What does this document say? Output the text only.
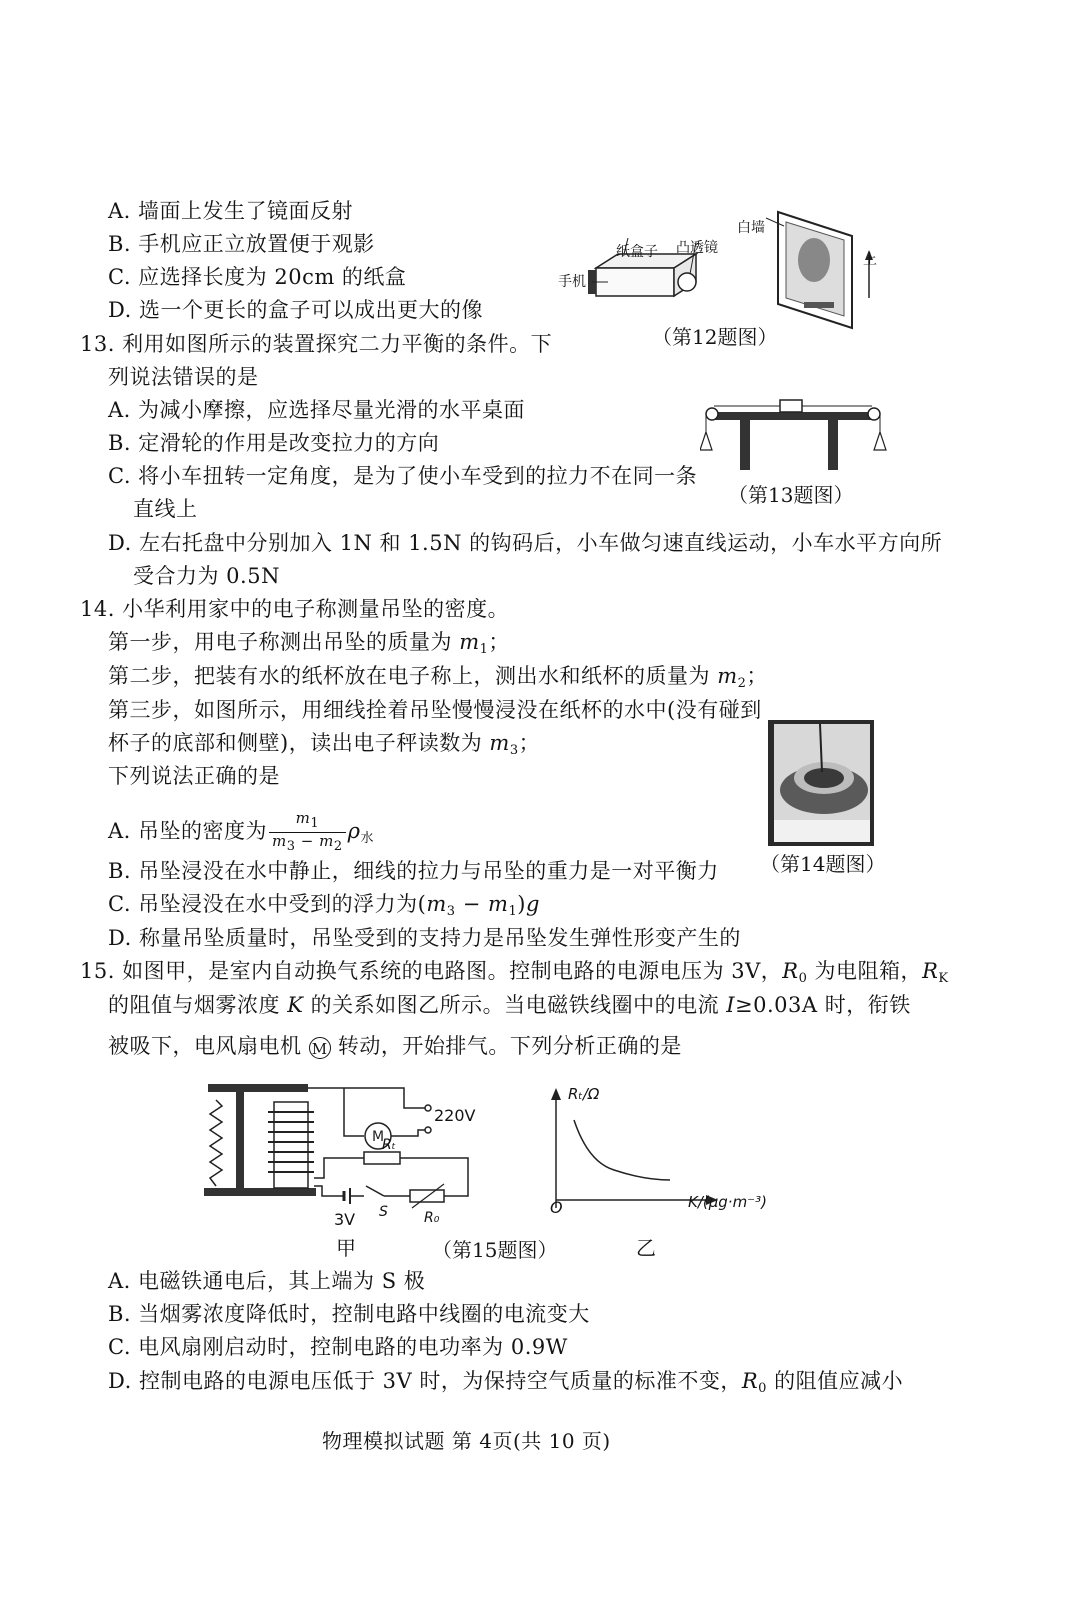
A. 墙面上发生了镜面反射
B. 手机应正立放置便于观影
C. 应选择长度为 20cm 的纸盒
D. 选一个更长的盒子可以成出更大的像
纸盒子 凸透镜
手机
白墙
上
（第12题图）
13. 利用如图所示的装置探究二力平衡的条件。下
列说法错误的是
A. 为减小摩擦，应选择尽量光滑的水平桌面
B. 定滑轮的作用是改变拉力的方向
C. 将小车扭转一定角度，是为了使小车受到的拉力不在同一条
直线上
D. 左右托盘中分别加入 1N 和 1.5N 的钩码后，小车做匀速直线运动，小车水平方向所
受合力为 0.5N
（第13题图）
14. 小华利用家中的电子称测量吊坠的密度。
第一步，用电子称测出吊坠的质量为 $m_1$；
第二步，把装有水的纸杯放在电子称上，测出水和纸杯的质量为 $m_2$；
第三步，如图所示，用细线拴着吊坠慢慢浸没在纸杯的水中(没有碰到
杯子的底部和侧壁)，读出电子秤读数为 $m_3$；
下列说法正确的是
A. 吊坠的密度为 $\frac{m1}{m3 - m2} \rho_水$
B. 吊坠浸没在水中静止，细线的拉力与吊坠的重力是一对平衡力
C. 吊坠浸没在水中受到的浮力为$(m_3 - m_1)g$
D. 称量吊坠质量时，吊坠受到的支持力是吊坠发生弹性形变产生的
（第14题图）
15. 如图甲，是室内自动换气系统的电路图。控制电路的电源电压为 3V，$R_0$ 为电阻箱，$R_K$
的阻值与烟雾浓度 K 的关系如图乙所示。当电磁铁线圈中的电流 I≥0.03A 时，衔铁
被吸下，电风扇电机 M 转动，开始排气。下列分析正确的是
M
220V
Rₜ
3V S	R₀
甲	（第15题图）
Rₜ/Ω
K/(μg·m⁻³)
O
乙
A. 电磁铁通电后，其上端为 S 极
B. 当烟雾浓度降低时，控制电路中线圈的电流变大
C. 电风扇刚启动时，控制电路的电功率为 0.9W
D. 控制电路的电源电压低于 3V 时，为保持空气质量的标准不变，$R_0$ 的阻值应减小
物理模拟试题 第 4页(共 10 页)
